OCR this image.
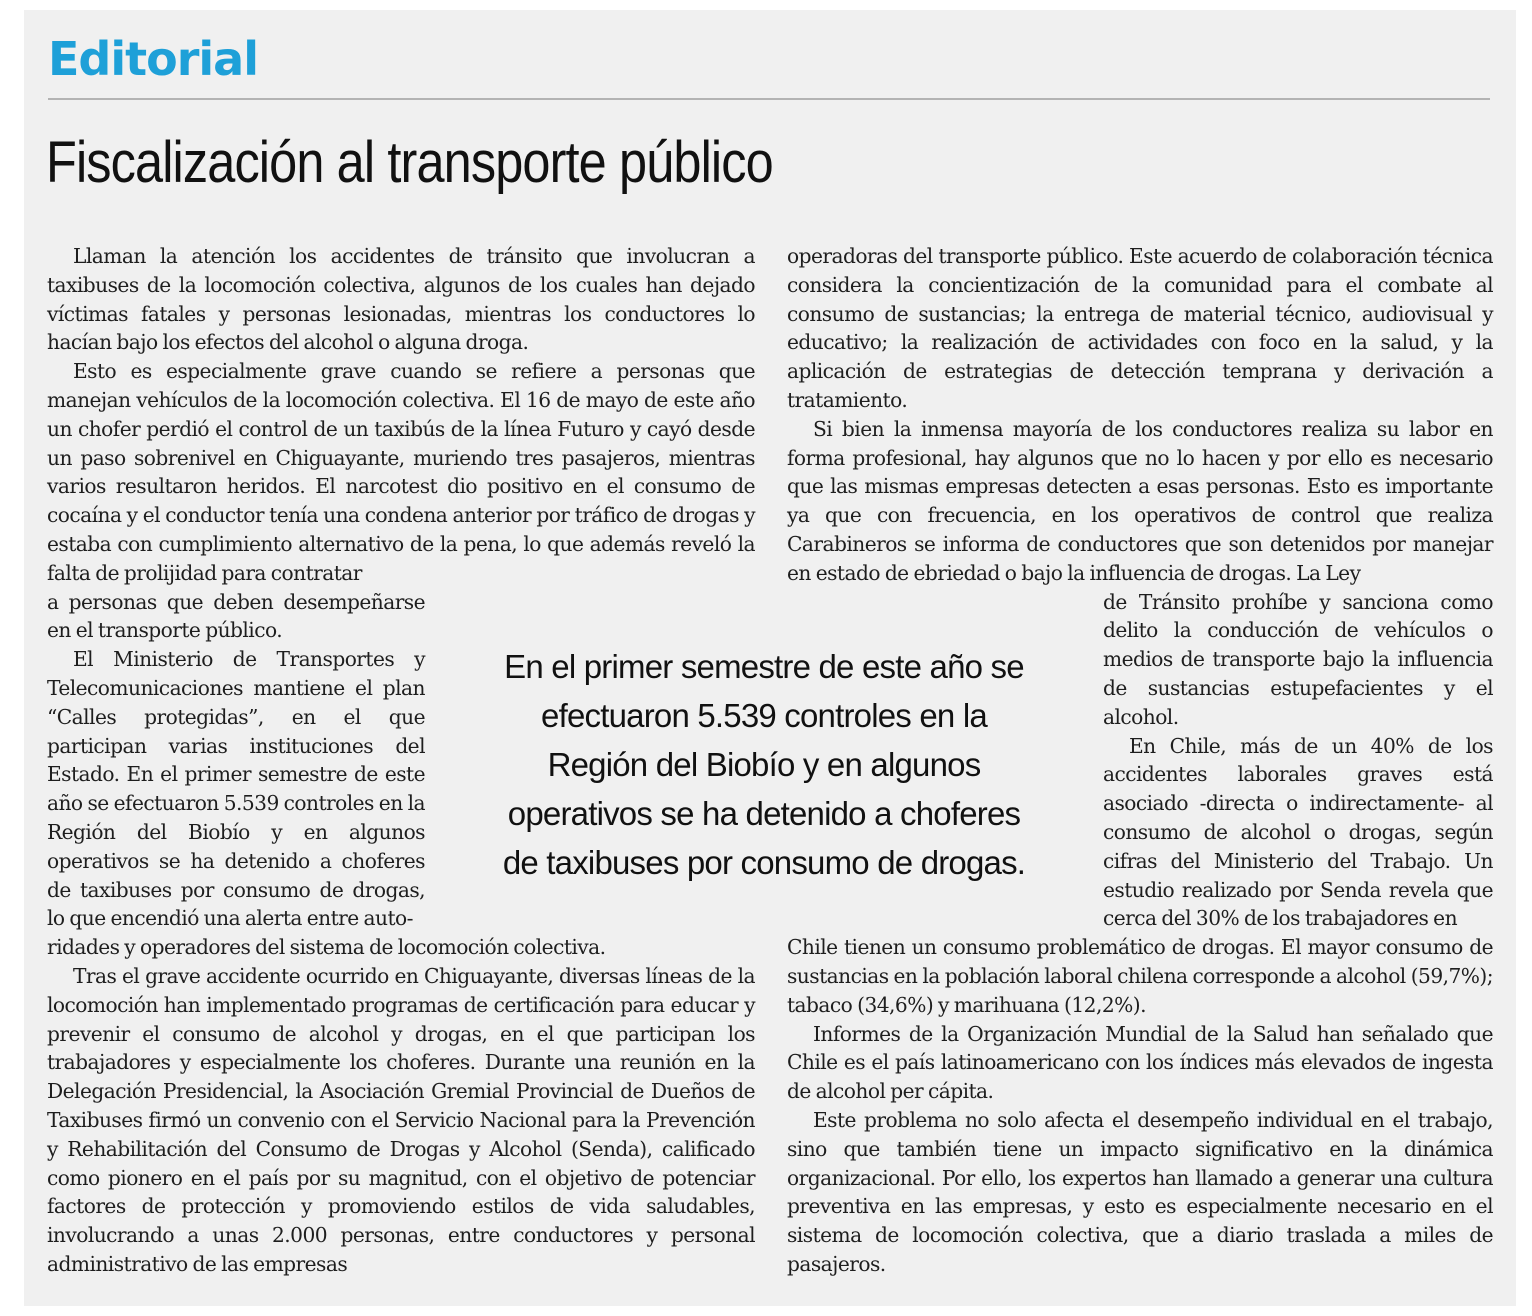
Editorial
Fiscalización al transporte público

Llaman la atención los accidentes de tránsito que involucran a taxibuses de la locomoción colectiva, algunos de los cuales han dejado víctimas fatales y personas lesionadas, mientras los conductores lo hacían bajo los efectos del alcohol o alguna droga.

Esto es especialmente grave cuando se refiere a personas que manejan vehículos de la locomoción colectiva. El 16 de mayo de este año un chofer perdió el control de un taxibús de la línea Futuro y cayó desde un paso sobrenivel en Chiguayante, muriendo tres pasajeros, mientras varios resultaron heridos. El narcotest dio positivo en el consumo de cocaína y el conductor tenía una condena anterior por tráfico de drogas y estaba con cumplimiento alternativo de la pena, lo que además reveló la falta de prolijidad para contratar

a personas que deben desempeñarse en el transporte público.

El Ministerio de Transportes y Telecomunicaciones mantiene el plan “Calles protegidas”, en el que participan varias instituciones del Estado. En el primer semestre de este año se efectuaron 5.539 controles en la Región del Biobío y en algunos operativos se ha detenido a choferes de taxibuses por consumo de drogas, lo que encendió una alerta entre auto-

ridades y operadores del sistema de locomoción colectiva.

Tras el grave accidente ocurrido en Chiguayante, diversas líneas de la locomoción han implementado programas de certificación para educar y prevenir el consumo de alcohol y drogas, en el que participan los trabajadores y especialmente los choferes. Durante una reunión en la Delegación Presidencial, la Asociación Gremial Provincial de Dueños de Taxibuses firmó un convenio con el Servicio Nacional para la Prevención y Rehabilitación del Consumo de Drogas y Alcohol (Senda), calificado como pionero en el país por su magnitud, con el objetivo de potenciar factores de protección y promoviendo estilos de vida saludables, involucrando a unas 2.000 personas, entre conductores y personal administrativo de las empresas

operadoras del transporte público. Este acuerdo de colaboración técnica considera la concientización de la comunidad para el combate al consumo de sustancias; la entrega de material técnico, audiovisual y educativo; la realización de actividades con foco en la salud, y la aplicación de estrategias de detección temprana y derivación a tratamiento.

Si bien la inmensa mayoría de los conductores realiza su labor en forma profesional, hay algunos que no lo hacen y por ello es necesario que las mismas empresas detecten a esas personas. Esto es importante ya que con frecuencia, en los operativos de control que realiza Carabineros se informa de conductores que son detenidos por manejar en estado de ebriedad o bajo la influencia de drogas. La Ley

de Tránsito prohíbe y sanciona como delito la conducción de vehículos o medios de transporte bajo la influencia de sustancias estupefacientes y el alcohol.

En Chile, más de un 40% de los accidentes laborales graves está asociado -directa o indirectamente- al consumo de alcohol o drogas, según cifras del Ministerio del Trabajo. Un estudio realizado por Senda revela que cerca del 30% de los trabajadores en

Chile tienen un consumo problemático de drogas. El mayor consumo de sustancias en la población laboral chilena corresponde a alcohol (59,7%); tabaco (34,6%) y marihuana (12,2%).

Informes de la Organización Mundial de la Salud han señalado que Chile es el país latinoamericano con los índices más elevados de ingesta de alcohol per cápita.

Este problema no solo afecta el desempeño individual en el trabajo, sino que también tiene un impacto significativo en la dinámica organizacional. Por ello, los expertos han llamado a generar una cultura preventiva en las empresas, y esto es especialmente necesario en el sistema de locomoción colectiva, que a diario traslada a miles de pasajeros.

En el primer semestre de este año se efectuaron 5.539 controles en la Región del Biobío y en algunos operativos se ha detenido a choferes de taxibuses por consumo de drogas.
